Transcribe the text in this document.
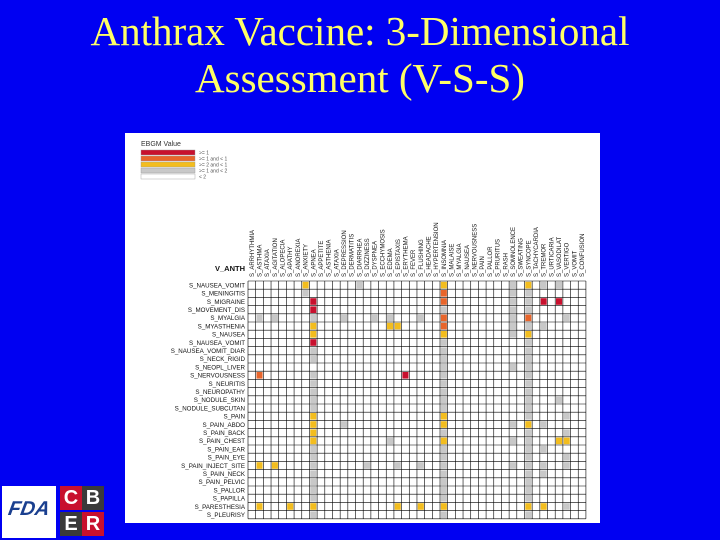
Anthrax Vaccine: 3-Dimensional
Assessment (V-S-S)
EBGM Value
>= 1
>= 1 and < 1
>= 2 and < 1
>= 1 and < 2
< 2
V_ANTH S_ARRHYTHMIA S_ASTHMA S_ATAXIA S_AGITATION S_ALOPECIA S_APATHY S_ANOREXIA S_ANXIETY S_APNEA S_APPETITE S_ASTHENIA S_ATAXIA S_DEPRESSION S_DERMATITIS S_DIARRHEA S_DIZZINESS S_DYSPNEA S_ECCHYMOSIS S_EDEMA S_EPISTAXIS S_ERYTHEMA S_FEVER S_FLUSHING S_HEADACHE S_HYPERTENSION S_INSOMNIA S_MALAISE S_MYALGIA S_NAUSEA S_NERVOUSNESS S_PAIN S_PALLOR S_PRURITUS S_RASH S_SOMNOLENCE S_SWEATING S_SYNCOPE S_TACHYCARDIA S_TREMOR S_URTICARIA S_VASODILAT S_VERTIGO S_VOMIT S_CONFUSION
S_NAUSEA_VOMIT
S_MENINGITIS
S_MIGRAINE
S_MOVEMENT_DIS
S_MYALGIA
S_MYASTHENIA
S_NAUSEA
S_NAUSEA_VOMIT
S_NAUSEA_VOMIT_DIAR
S_NECK_RIGID
S_NEOPL_LIVER
S_NERVOUSNESS
S_NEURITIS
S_NEUROPATHY
S_NODULE_SKIN
S_NODULE_SUBCUTAN
S_PAIN
S_PAIN_ABDO
S_PAIN_BACK
S_PAIN_CHEST
S_PAIN_EAR
S_PAIN_EYE
S_PAIN_INJECT_SITE
S_PAIN_NECK
S_PAIN_PELVIC
S_PALLOR
S_PAPILLA
S_PARESTHESIA
S_PLEURISY
FDA C B
E R
